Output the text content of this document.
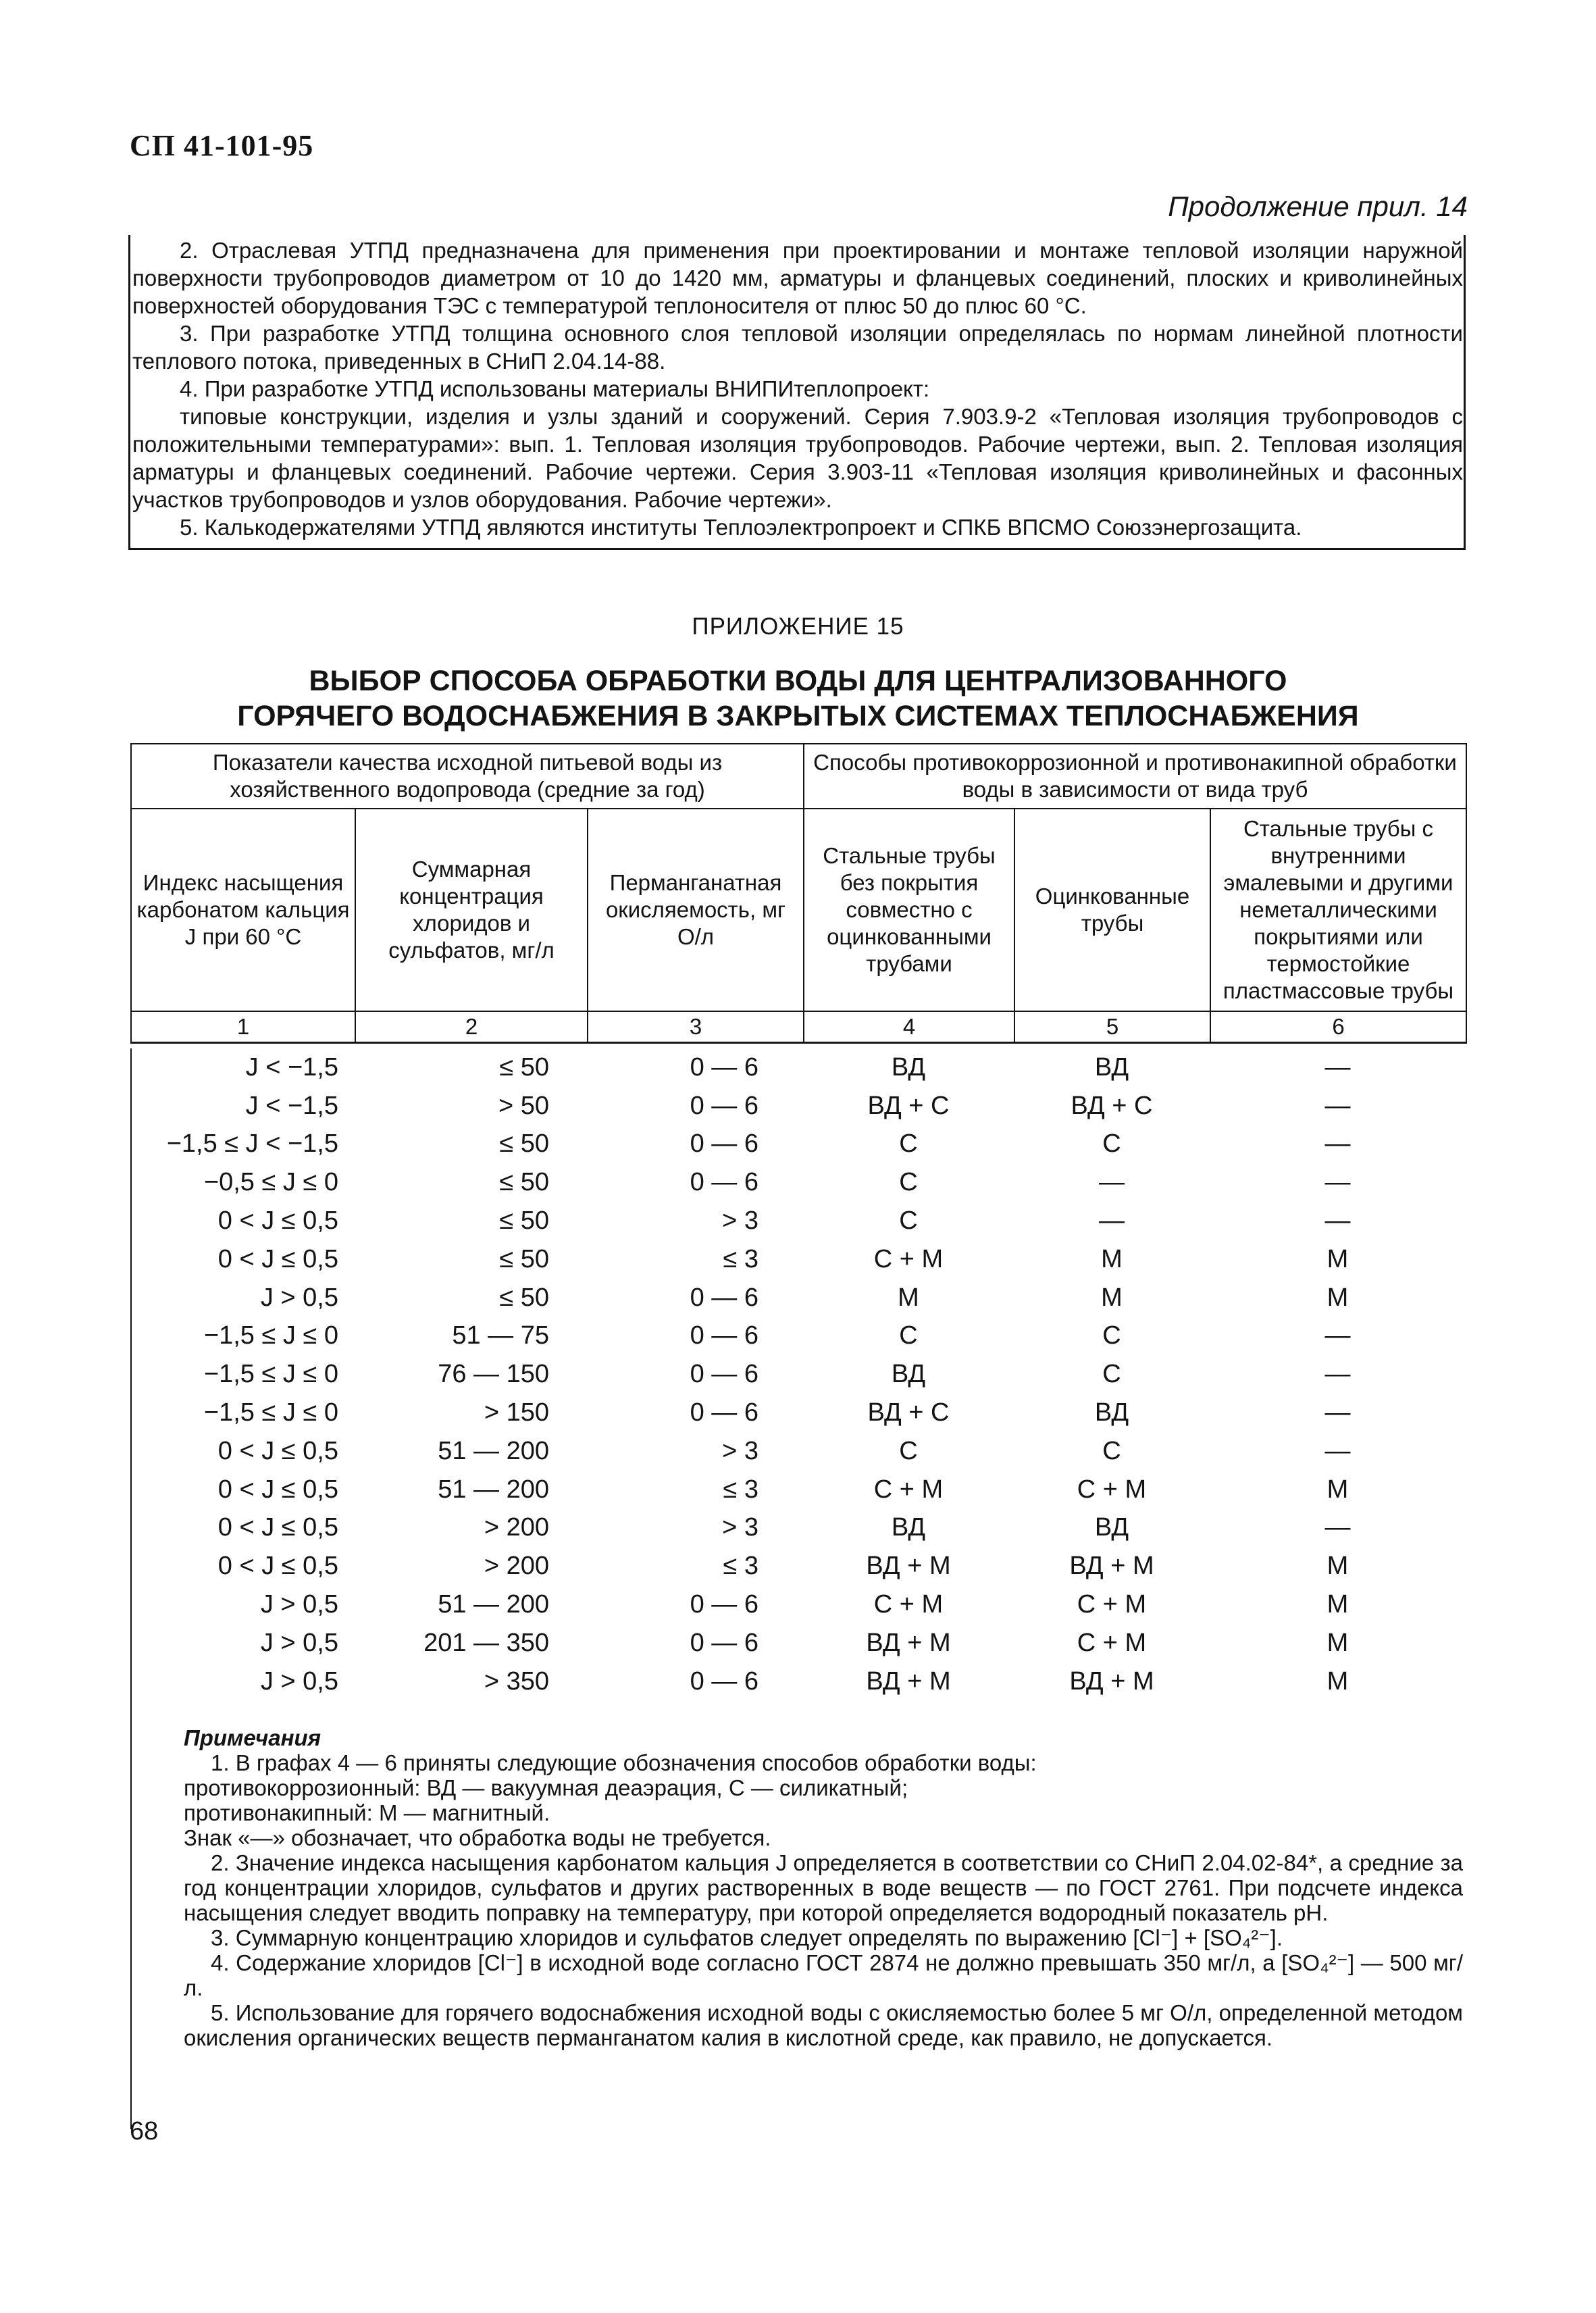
СП 41-101-95
Продолжение прил. 14

2. Отраслевая УТПД предназначена для применения при проектировании и монтаже тепловой изоляции наружной поверхности трубопроводов диаметром от 10 до 1420 мм, арматуры и фланцевых соединений, плоских и криволинейных поверхностей оборудования ТЭС с температурой теплоносителя от плюс 50 до плюс 60 °С.

3. При разработке УТПД толщина основного слоя тепловой изоляции определялась по нормам линейной плотности теплового потока, приведенных в СНиП 2.04.14-88.

4. При разработке УТПД использованы материалы ВНИПИтеплопроект:

типовые конструкции, изделия и узлы зданий и сооружений. Серия 7.903.9-2 «Тепловая изоляция трубопроводов с положительными температурами»: вып. 1. Тепловая изоляция трубопроводов. Рабочие чертежи, вып. 2. Тепловая изоляция арматуры и фланцевых соединений. Рабочие чертежи. Серия 3.903-11 «Тепловая изоляция криволинейных и фасонных участков трубопроводов и узлов оборудования. Рабочие чертежи».

5. Калькодержателями УТПД являются институты Теплоэлектропроект и СПКБ ВПСМО Союзэнергозащита.

ПРИЛОЖЕНИЕ 15
ВЫБОР СПОСОБА ОБРАБОТКИ ВОДЫ ДЛЯ ЦЕНТРАЛИЗОВАННОГО
ГОРЯЧЕГО ВОДОСНАБЖЕНИЯ В ЗАКРЫТЫХ СИСТЕМАХ ТЕПЛОСНАБЖЕНИЯ
Показатели качества исходной питьевой воды из хозяйственного водопровода (средние за год)			Способы противокоррозионной и противонакипной обработки воды в зависимости от вида труб		
Индекс насыщения карбонатом кальция J при 60 °С	Суммарная концентрация хлоридов и сульфатов, мг/л	Перманганатная окисляемость, мг О/л	Стальные трубы без покрытия совместно с оцинкованными трубами	Оцинкованные трубы	Стальные трубы с внутренними эмалевыми и другими неметаллическими покрытиями или термостойкие пластмассовые трубы
1	2	3	4	5	6
J < −1,5	≤ 50	0 — 6	ВД	ВД	—
J < −1,5	> 50	0 — 6	ВД + С	ВД + С	—
−1,5 ≤ J < −1,5	≤ 50	0 — 6	С	С	—
−0,5 ≤ J ≤ 0	≤ 50	0 — 6	С	—	—
0 < J ≤ 0,5	≤ 50	> 3	С	—	—
0 < J ≤ 0,5	≤ 50	≤ 3	С + М	М	М
J > 0,5	≤ 50	0 — 6	М	М	М
−1,5 ≤ J ≤ 0	51 — 75	0 — 6	С	С	—
−1,5 ≤ J ≤ 0	76 — 150	0 — 6	ВД	С	—
−1,5 ≤ J ≤ 0	> 150	0 — 6	ВД + С	ВД	—
0 < J ≤ 0,5	51 — 200	> 3	С	С	—
0 < J ≤ 0,5	51 — 200	≤ 3	С + М	С + М	М
0 < J ≤ 0,5	> 200	> 3	ВД	ВД	—
0 < J ≤ 0,5	> 200	≤ 3	ВД + М	ВД + М	М
J > 0,5	51 — 200	0 — 6	С + М	С + М	М
J > 0,5	201 — 350	0 — 6	ВД + М	С + М	М
J > 0,5	> 350	0 — 6	ВД + М	ВД + М	М

Примечания

1. В графах 4 — 6 приняты следующие обозначения способов обработки воды:

противокоррозионный: ВД — вакуумная деаэрация, С — силикатный;

противонакипный: М — магнитный.

Знак «—» обозначает, что обработка воды не требуется.

2. Значение индекса насыщения карбонатом кальция J определяется в соответствии со СНиП 2.04.02-84*, а средние за год концентрации хлоридов, сульфатов и других растворенных в воде веществ — по ГОСТ 2761. При подсчете индекса насыщения следует вводить поправку на температуру, при которой определяется водородный показатель рН.

3. Суммарную концентрацию хлоридов и сульфатов следует определять по выражению [Cl⁻] + [SO₄²⁻].

4. Содержание хлоридов [Cl⁻] в исходной воде согласно ГОСТ 2874 не должно превышать 350 мг/л, а [SO₄²⁻] — 500 мг/л.

5. Использование для горячего водоснабжения исходной воды с окисляемостью более 5 мг О/л, определенной методом окисления органических веществ перманганатом калия в кислотной среде, как правило, не допускается.

68
